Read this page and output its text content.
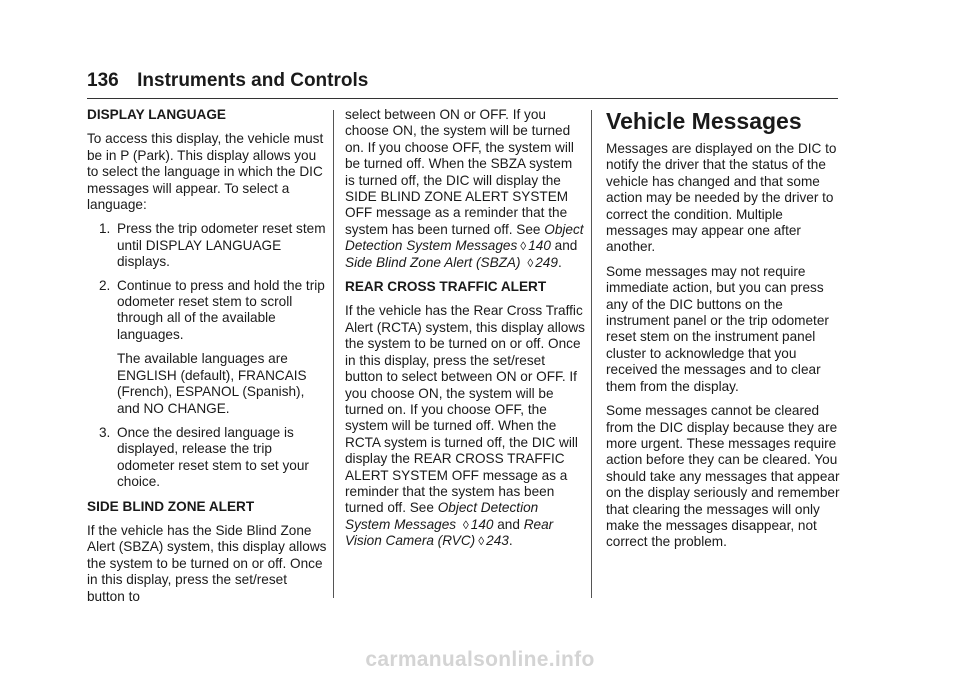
136 Instruments and Controls
DISPLAY LANGUAGE

To access this display, the vehicle must be in P (Park). This display allows you to select the language in which the DIC messages will appear. To select a language:

1. Press the trip odometer reset stem until DISPLAY LANGUAGE displays.
2. Continue to press and hold the trip odometer reset stem to scroll through all of the available languages.

The available languages are ENGLISH (default), FRANCAIS (French), ESPANOL (Spanish), and NO CHANGE.

3. Once the desired language is displayed, release the trip odometer reset stem to set your choice.
SIDE BLIND ZONE ALERT

If the vehicle has the Side Blind Zone Alert (SBZA) system, this display allows the system to be turned on or off. Once in this display, press the set/reset button to

select between ON or OFF. If you choose ON, the system will be turned on. If you choose OFF, the system will be turned off. When the SBZA system is turned off, the DIC will display the SIDE BLIND ZONE ALERT SYSTEM OFF message as a reminder that the system has been turned off. See Object Detection System Messages ◊ 140 and Side Blind Zone Alert (SBZA) ◊ 249.

REAR CROSS TRAFFIC ALERT

If the vehicle has the Rear Cross Traffic Alert (RCTA) system, this display allows the system to be turned on or off. Once in this display, press the set/reset button to select between ON or OFF. If you choose ON, the system will be turned on. If you choose OFF, the system will be turned off. When the RCTA system is turned off, the DIC will display the REAR CROSS TRAFFIC ALERT SYSTEM OFF message as a reminder that the system has been turned off. See Object Detection System Messages ◊ 140 and Rear Vision Camera (RVC) ◊ 243.

Vehicle Messages

Messages are displayed on the DIC to notify the driver that the status of the vehicle has changed and that some action may be needed by the driver to correct the condition. Multiple messages may appear one after another.

Some messages may not require immediate action, but you can press any of the DIC buttons on the instrument panel or the trip odometer reset stem on the instrument panel cluster to acknowledge that you received the messages and to clear them from the display.

Some messages cannot be cleared from the DIC display because they are more urgent. These messages require action before they can be cleared. You should take any messages that appear on the display seriously and remember that clearing the messages will only make the messages disappear, not correct the problem.

carmanualsonline.info
